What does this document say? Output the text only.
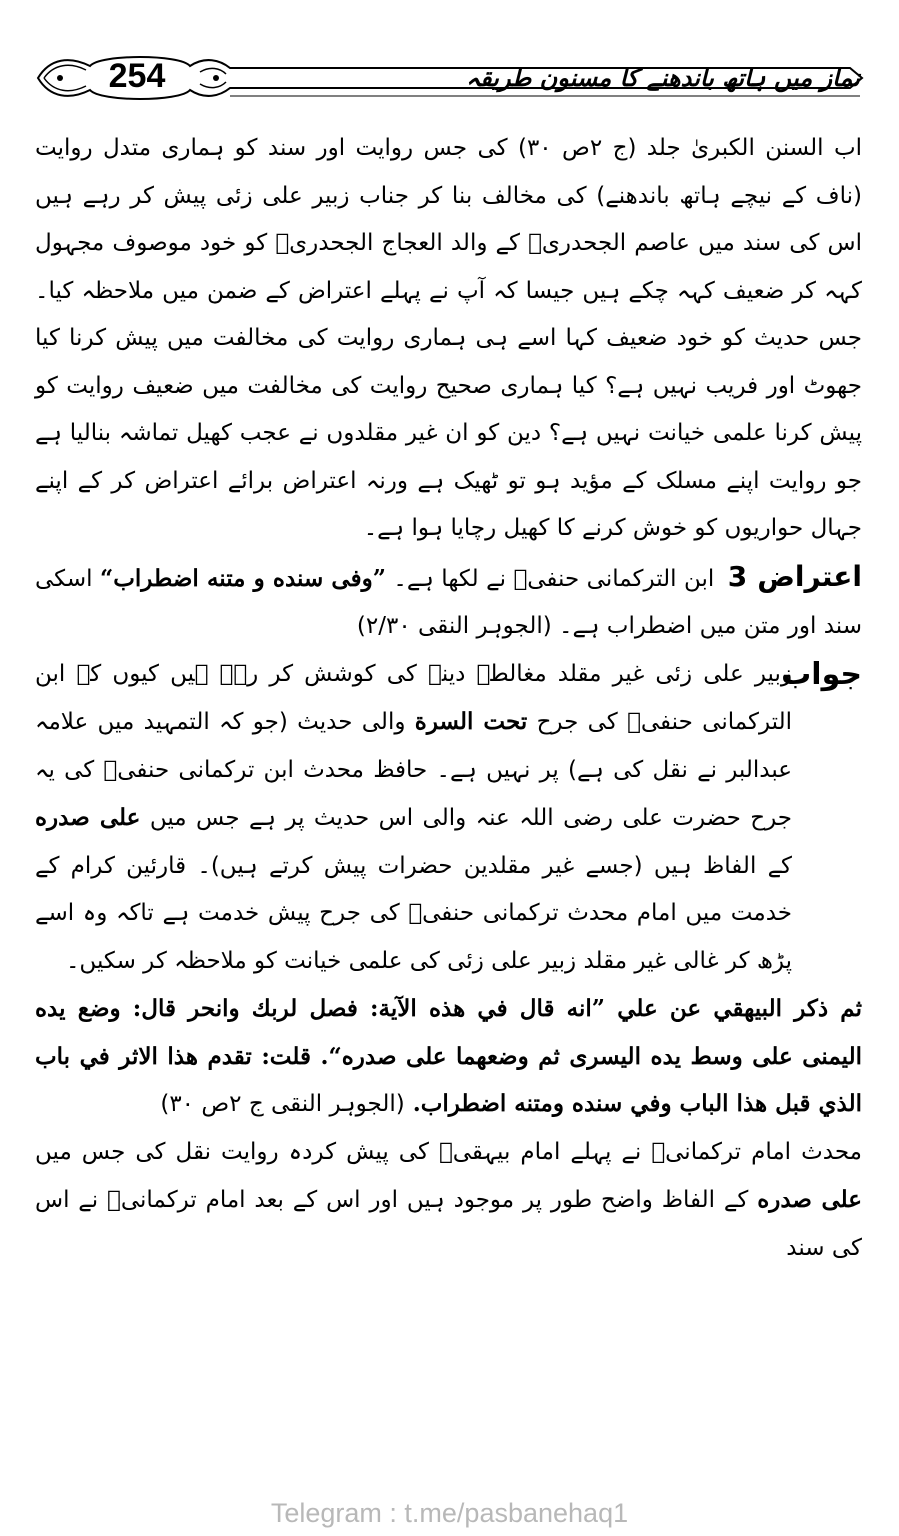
254	نماز میں ہاتھ باندھنے کا مسنون طریقہ

اب السنن الکبریٰ جلد (ج ۲ص ۳۰) کی جس روایت اور سند کو ہماری متدل روایت (ناف کے نیچے ہاتھ باندھنے) کی مخالف بنا کر جناب زبیر علی زئی پیش کر رہے ہیں اس کی سند میں عاصم الجحدریؒ کے والد العجاج الجحدریؒ کو خود موصوف مجہول کہہ کر ضعیف کہہ چکے ہیں جیسا کہ آپ نے پہلے اعتراض کے ضمن میں ملاحظہ کیا۔ جس حدیث کو خود ضعیف کہا اسے ہی ہماری روایت کی مخالفت میں پیش کرنا کیا جھوٹ اور فریب نہیں ہے؟ کیا ہماری صحیح روایت کی مخالفت میں ضعیف روایت کو پیش کرنا علمی خیانت نہیں ہے؟ دین کو ان غیر مقلدوں نے عجب کھیل تماشہ بنالیا ہے جو روایت اپنے مسلک کے مؤید ہو تو ٹھیک ہے ورنہ اعتراض برائے اعتراض کر کے اپنے جہال حواریوں کو خوش کرنے کا کھیل رچایا ہوا ہے۔

اعتراض 3 ابن الترکمانی حنفیؒ نے لکھا ہے۔ ”وفی سنده و متنه اضطراب“ اسکی سند اور متن میں اضطراب ہے۔ (الجوہر النقی ۲/۳۰)

جواب

زبیر علی زئی غیر مقلد مغالطہ دینے کی کوشش کر رہے ہیں کیوں کہ ابن الترکمانی حنفیؒ کی جرح تحت السرة والی حدیث (جو کہ التمہید میں علامہ عبدالبر نے نقل کی ہے) پر نہیں ہے۔ حافظ محدث ابن ترکمانی حنفیؒ کی یہ جرح حضرت علی رضی اللہ عنہ والی اس حدیث پر ہے جس میں علی صدره کے الفاظ ہیں (جسے غیر مقلدین حضرات پیش کرتے ہیں)۔ قارئین کرام کے خدمت میں امام محدث ترکمانی حنفیؒ کی جرح پیش خدمت ہے تاکہ وہ اسے پڑھ کر غالی غیر مقلد زبیر علی زئی کی علمی خیانت کو ملاحظہ کر سکیں۔

ثم ذكر البيهقي عن علي ”انه قال في هذه الآية: فصل لربك وانحر قال: وضع يده اليمنى على وسط يده اليسرى ثم وضعهما على صدره“. قلت: تقدم هذا الاثر في باب الذي قبل هذا الباب وفي سنده ومتنه اضطراب. (الجوہر النقی ج ۲ص ۳۰)

محدث امام ترکمانیؒ نے پہلے امام بیہقیؒ کی پیش کردہ روایت نقل کی جس میں علی صدره کے الفاظ واضح طور پر موجود ہیں اور اس کے بعد امام ترکمانیؒ نے اس کی سند

Telegram : t.me/pasbanehaq1
